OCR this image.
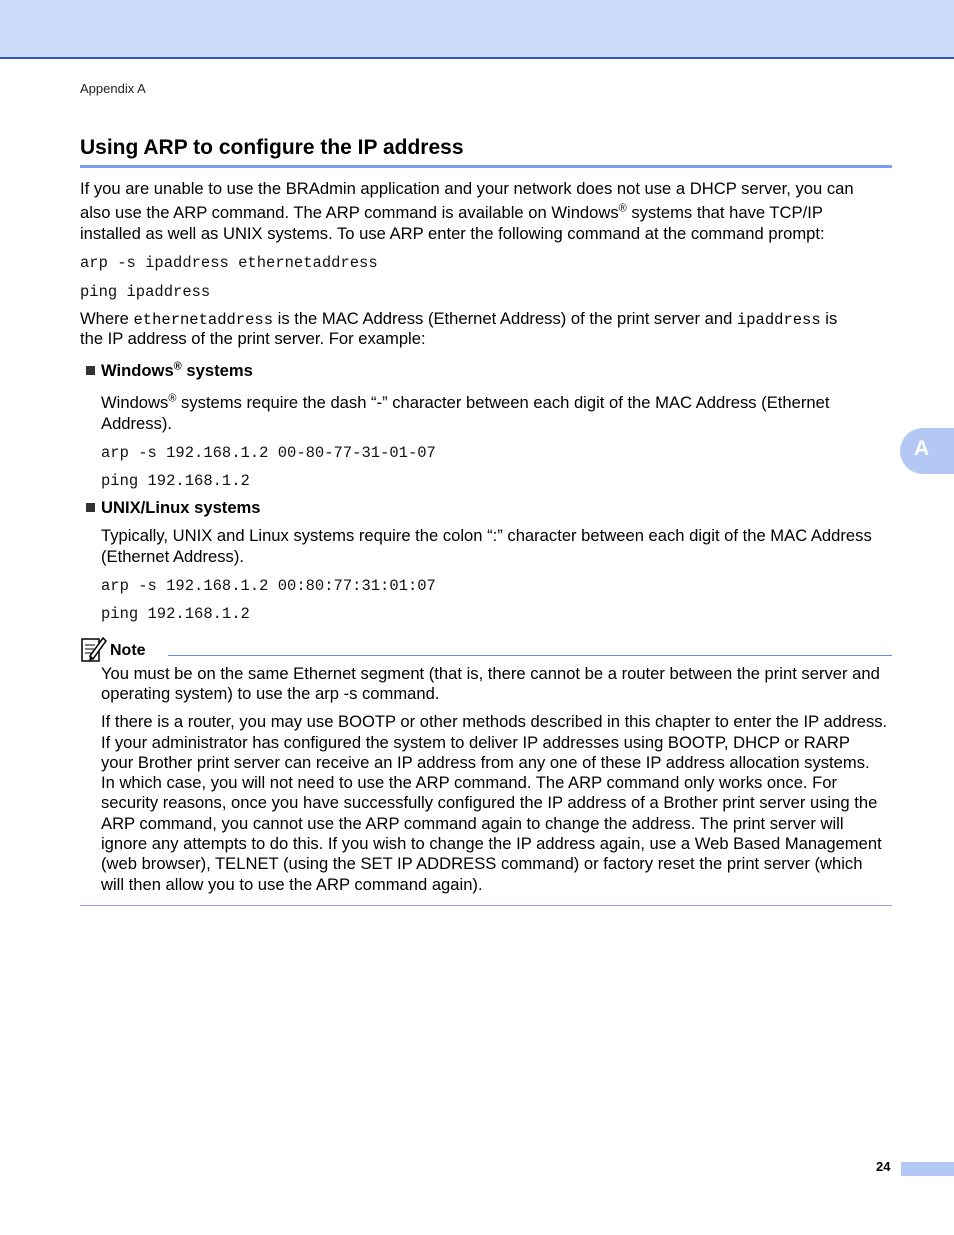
Appendix A
Using ARP to configure the IP address

If you are unable to use the BRAdmin application and your network does not use a DHCP server, you can

also use the ARP command. The ARP command is available on Windows® systems that have TCP/IP

installed as well as UNIX systems. To use ARP enter the following command at the command prompt:

arp -s ipaddress ethernetaddress

ping ipaddress

Where ethernetaddress is the MAC Address (Ethernet Address) of the print server and ipaddress is

the IP address of the print server. For example:

Windows® systems

Windows® systems require the dash “-” character between each digit of the MAC Address (Ethernet

Address).

arp -s 192.168.1.2 00-80-77-31-01-07

ping 192.168.1.2

UNIX/Linux systems

Typically, UNIX and Linux systems require the colon “:” character between each digit of the MAC Address

(Ethernet Address).

arp -s 192.168.1.2 00:80:77:31:01:07

ping 192.168.1.2

A
Note

You must be on the same Ethernet segment (that is, there cannot be a router between the print server and

operating system) to use the arp -s command.

If there is a router, you may use BOOTP or other methods described in this chapter to enter the IP address.

If your administrator has configured the system to deliver IP addresses using BOOTP, DHCP or RARP

your Brother print server can receive an IP address from any one of these IP address allocation systems.

In which case, you will not need to use the ARP command. The ARP command only works once. For

security reasons, once you have successfully configured the IP address of a Brother print server using the

ARP command, you cannot use the ARP command again to change the address. The print server will

ignore any attempts to do this. If you wish to change the IP address again, use a Web Based Management

(web browser), TELNET (using the SET IP ADDRESS command) or factory reset the print server (which

will then allow you to use the ARP command again).

24
